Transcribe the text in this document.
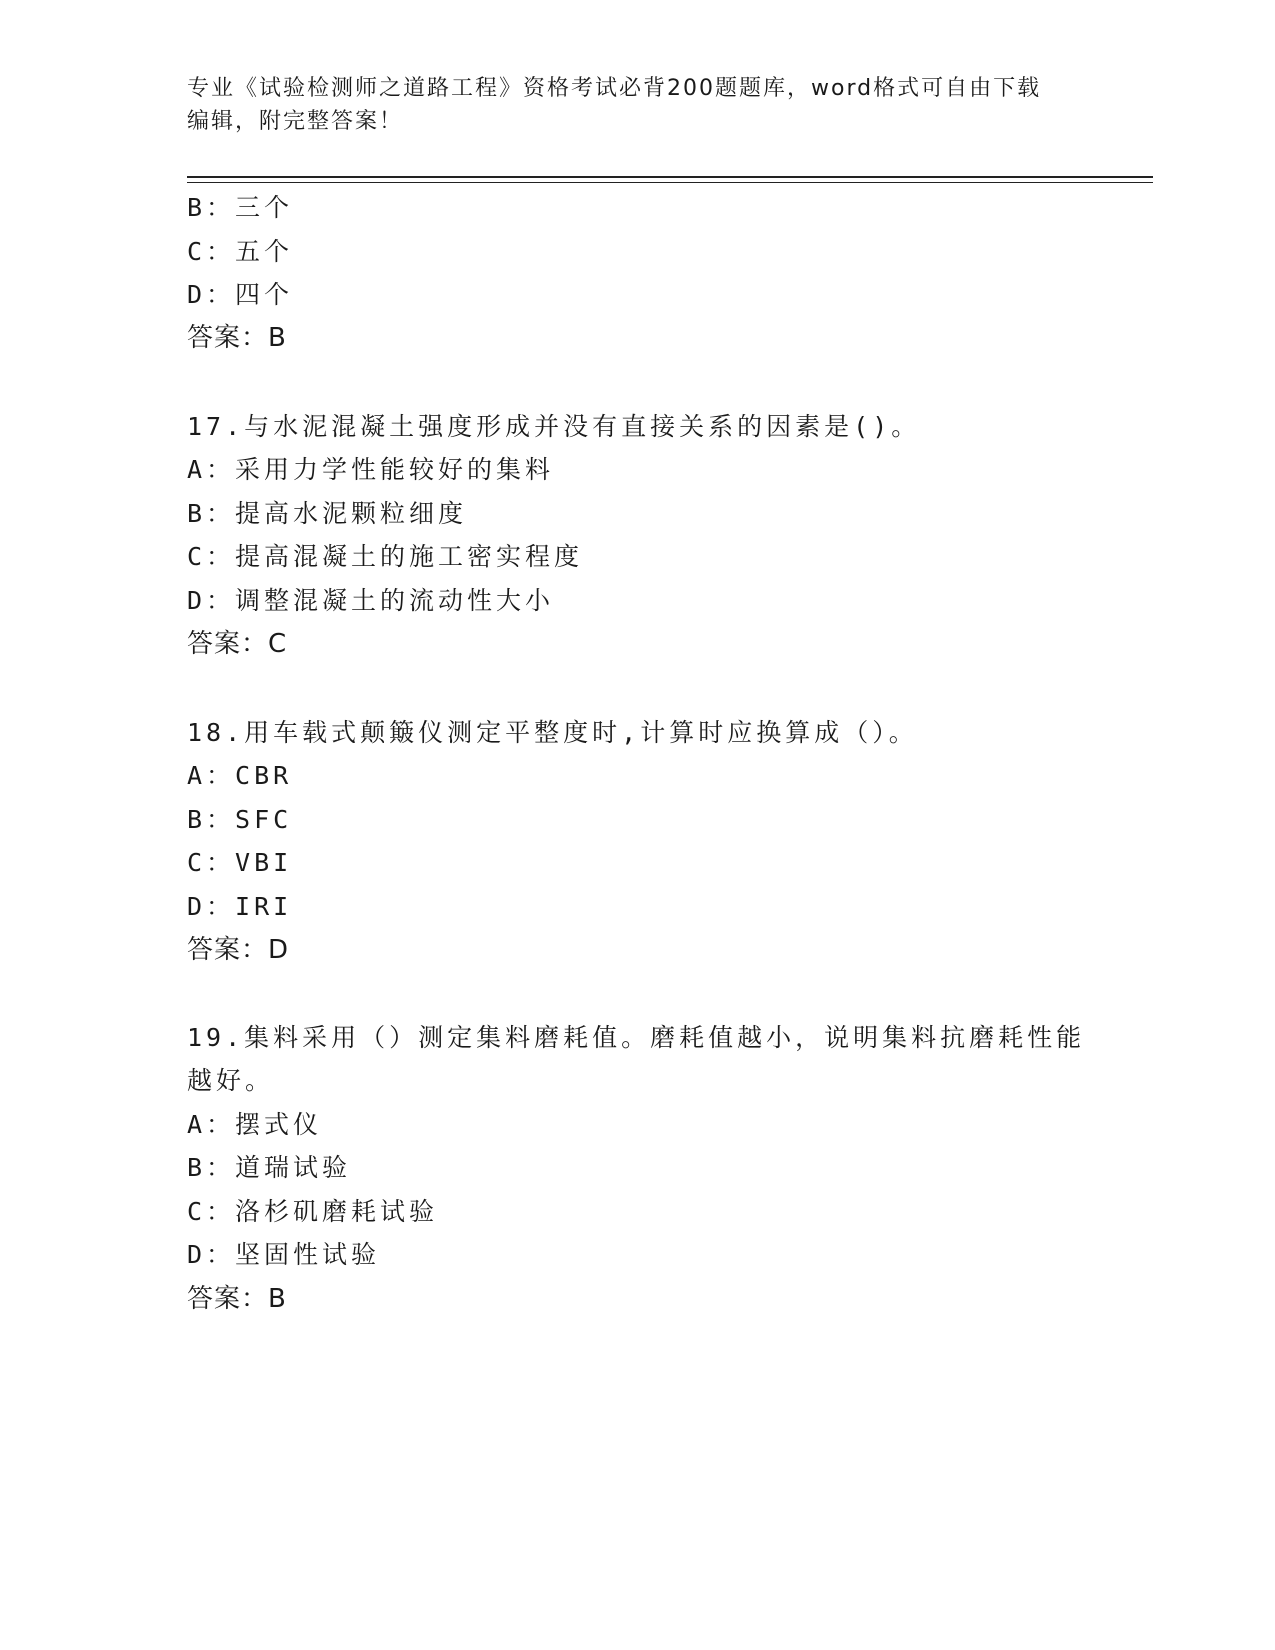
专业《试验检测师之道路工程》资格考试必背200题题库，word格式可自由下载
编辑，附完整答案！
B：三个
C：五个
D：四个
答案：B
17.与水泥混凝土强度形成并没有直接关系的因素是()。
A：采用力学性能较好的集料
B：提高水泥颗粒细度
C：提高混凝土的施工密实程度
D：调整混凝土的流动性大小
答案：C
18.用车载式颠簸仪测定平整度时,计算时应换算成（）。
A：CBR
B：SFC
C：VBI
D：IRI
答案：D
19.集料采用（）测定集料磨耗值。磨耗值越小，说明集料抗磨耗性能
越好。
A：摆式仪
B：道瑞试验
C：洛杉矶磨耗试验
D：坚固性试验
答案：B
